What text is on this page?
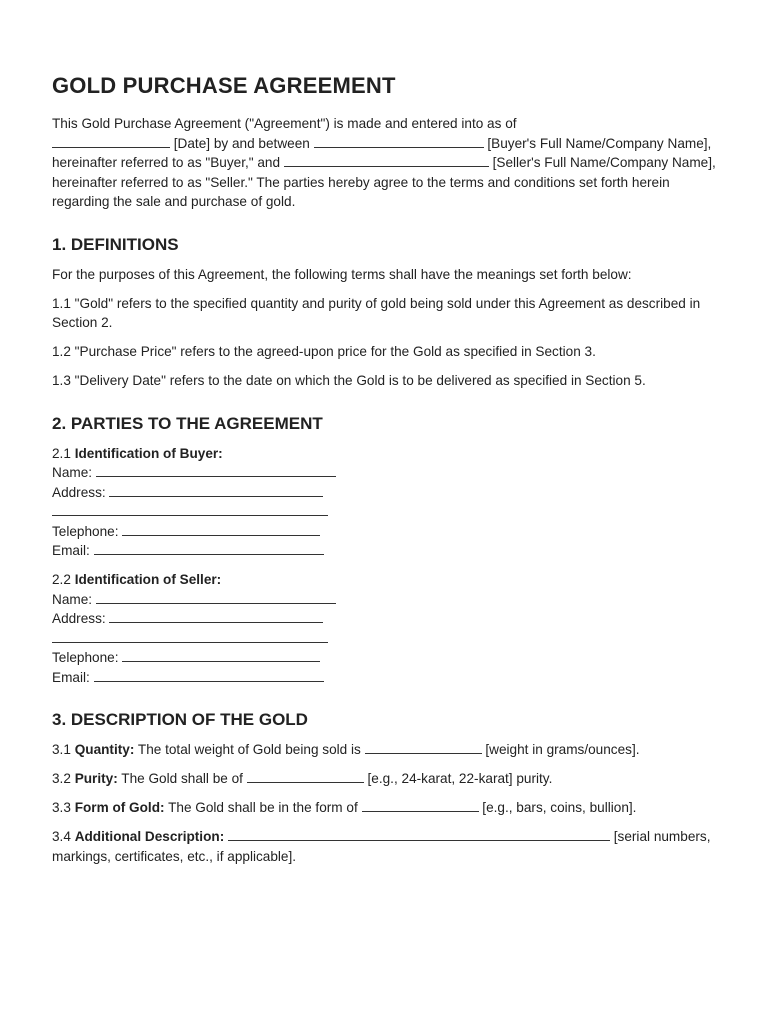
GOLD PURCHASE AGREEMENT

This Gold Purchase Agreement ("Agreement") is made and entered into as of
[Date] by and between	[Buyer's Full Name/Company Name], hereinafter referred to as "Buyer," and	[Seller's Full Name/Company Name], hereinafter referred to as "Seller." The parties hereby agree to the terms and conditions set forth herein regarding the sale and purchase of gold.

1. DEFINITIONS

For the purposes of this Agreement, the following terms shall have the meanings set forth below:

1.1 "Gold" refers to the specified quantity and purity of gold being sold under this Agreement as described in Section 2.

1.2 "Purchase Price" refers to the agreed-upon price for the Gold as specified in Section 3.

1.3 "Delivery Date" refers to the date on which the Gold is to be delivered as specified in Section 5.

2. PARTIES TO THE AGREEMENT
2.1 Identification of Buyer:
Name:
Address:
Telephone:
Email:
2.2 Identification of Seller:
Name:
Address:
Telephone:
Email:
3. DESCRIPTION OF THE GOLD

3.1 Quantity: The total weight of Gold being sold is	[weight in grams/ounces].

3.2 Purity: The Gold shall be of	[e.g., 24-karat, 22-karat] purity.

3.3 Form of Gold: The Gold shall be in the form of	[e.g., bars, coins, bullion].

3.4 Additional Description:	[serial numbers, markings, certificates, etc., if applicable].
